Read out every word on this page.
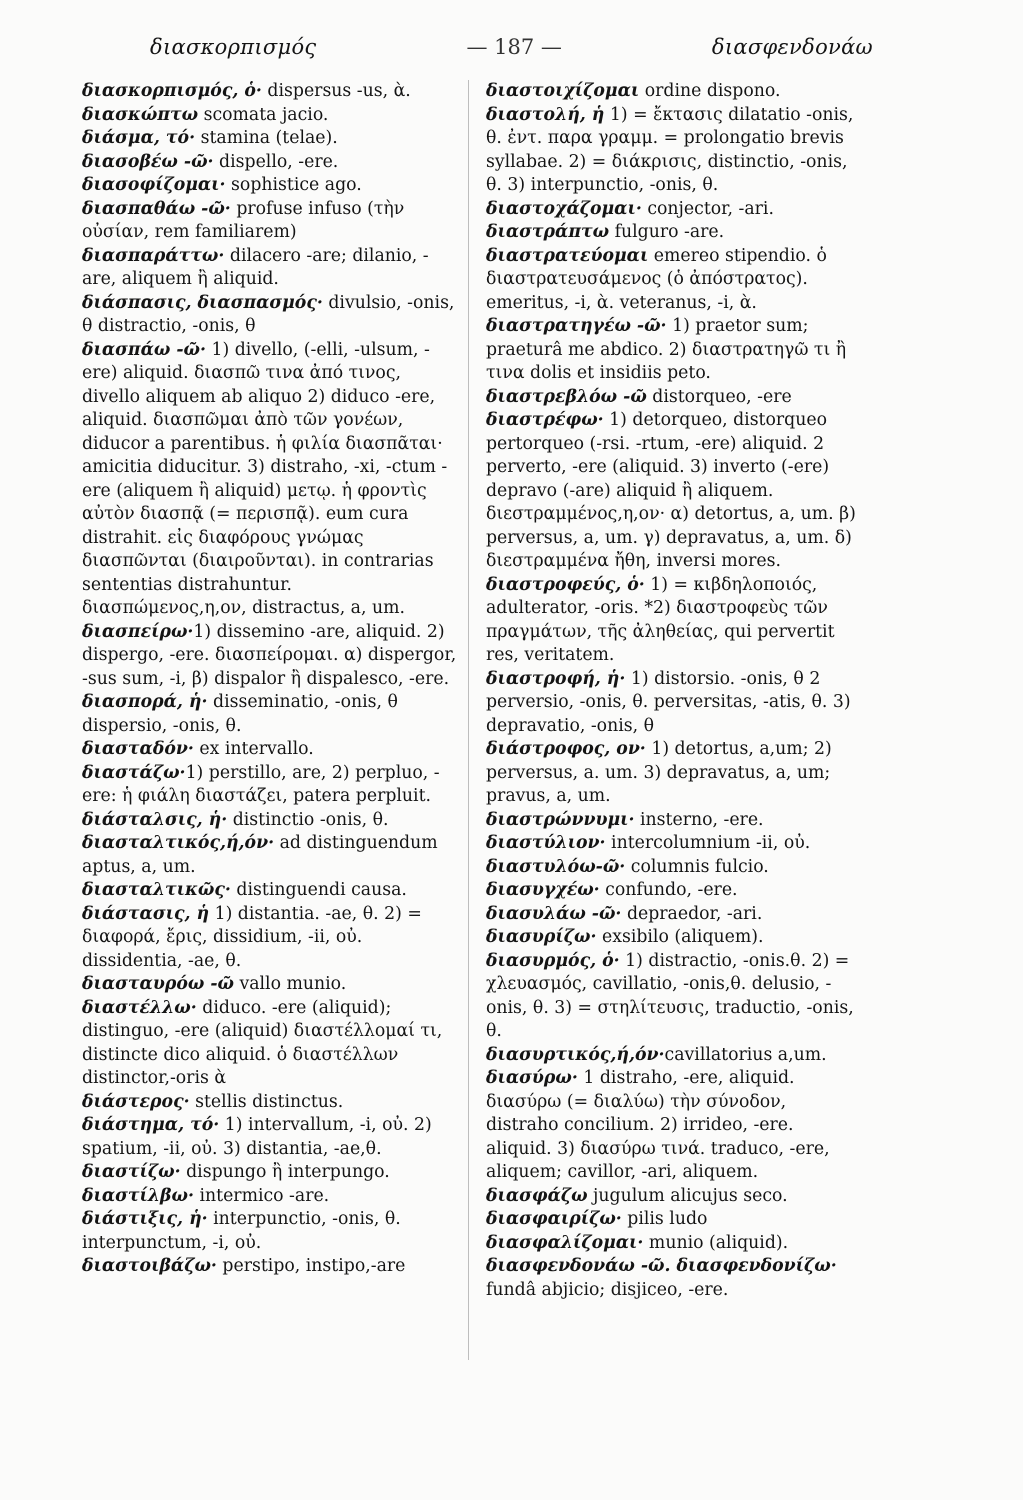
διασκορπισμός	— 187 —	διασφενδονάω

διασκορπισμός, ὁ· dispersus -us, ὰ.

διασκώπτω scomata jacio.

διάσμα, τό· stamina (telae).

διασοβέω -ῶ· dispello, -ere.

διασοφίζομαι· sophistice ago.

διασπαθάω -ῶ· profuse infuso (τὴν οὐσίαν, rem familiarem)

διασπαράττω· dilacero -are; dilanio, -are, aliquem ἢ aliquid.

διάσπασις, διασπασμός· divulsio, -onis, θ distractio, -onis, θ

διασπάω -ῶ· 1) divello, (-elli, -ulsum, -ere) aliquid. διασπῶ τινα ἀπό τινος, divello aliquem ab aliquo 2) diduco -ere, aliquid. διασπῶμαι ἀπὸ τῶν γονέων, diducor a parentibus. ἡ φιλία διασπᾶται· amicitia diducitur. 3) distraho, -xi, -ctum -ere (aliquem ἢ aliquid) μετῳ. ἡ φροντὶς αὐτὸν διασπᾷ (= περισπᾷ). eum cura distrahit. εἰς διαφόρους γνώμας διασπῶνται (διαιροῦνται). in contrarias sententias distrahuntur. διασπώμενος,η,ον, distractus, a, um.

διασπείρω·1) dissemino -are, aliquid. 2) dispergo, -ere. διασπείρομαι. α) dispergor, -sus sum, -i, β) dispalor ἢ dispalesco, -ere.

διασπορά, ἡ· disseminatio, -onis, θ dispersio, -onis, θ.

διασταδόν· ex intervallo.

διαστάζω·1) perstillo, are, 2) perpluo, -ere: ἡ φιάλη διαστάζει, patera perpluit.

διάσταλσις, ἡ· distinctio -onis, θ.

διασταλτικός,ή,όν· ad distinguendum aptus, a, um.

διασταλτικῶς· distinguendi causa.

διάστασις, ἡ 1) distantia. -ae, θ. 2) = διαφορά, ἔρις, dissidium, -ii, οὐ. dissidentia, -ae, θ.

διασταυρόω -ῶ vallo munio.

διαστέλλω· diduco. -ere (aliquid); distinguo, -ere (aliquid) διαστέλλομαί τι, distincte dico aliquid. ὁ διαστέλλων distinctor,-oris ὰ

διάστερος· stellis distinctus.

διάστημα, τό· 1) intervallum, -i, οὐ. 2) spatium, -ii, οὐ. 3) distantia, -ae,θ.

διαστίζω· dispungo ἢ interpungo.

διαστίλβω· intermico -are.

διάστιξις, ἡ· interpunctio, -onis, θ. interpunctum, -i, οὐ.

διαστοιβάζω· perstipo, instipo,-are

διαστοιχίζομαι ordine dispono.

διαστολή, ἡ 1) = ἔκτασις dilatatio -onis, θ. ἐντ. παρα γραμμ. = prolongatio brevis syllabae. 2) = διάκρισις, distinctio, -onis, θ. 3) interpunctio, -onis, θ.

διαστοχάζομαι· conjector, -ari.

διαστράπτω fulguro -are.

διαστρατεύομαι emereo stipendio. ὁ διαστρατευσάμενος (ὁ ἀπόστρατος). emeritus, -i, ὰ. veteranus, -i, ὰ.

διαστρατηγέω -ῶ· 1) praetor sum; praeturâ me abdico. 2) διαστρατηγῶ τι ἢ τινα dolis et insidiis peto.

διαστρεβλόω -ῶ distorqueo, -ere

διαστρέφω· 1) detorqueo, distorqueo pertorqueo (-rsi. -rtum, -ere) aliquid. 2 perverto, -ere (aliquid. 3) inverto (-ere) depravo (-are) aliquid ἢ aliquem. διεστραμμένος,η,ον· α) detortus, a, um. β) perversus, a, um. γ) depravatus, a, um. δ) διεστραμμένα ἤθη, inversi mores.

διαστροφεύς, ὁ· 1) = κιβδηλοποιός, adulterator, -oris. *2) διαστροφεὺς τῶν πραγμάτων, τῆς ἀληθείας, qui pervertit res, veritatem.

διαστροφή, ἡ· 1) distorsio. -onis, θ 2 perversio, -onis, θ. perversitas, -atis, θ. 3) depravatio, -onis, θ

διάστροφος, ον· 1) detortus, a,um; 2) perversus, a. um. 3) depravatus, a, um; pravus, a, um.

διαστρώννυμι· insterno, -ere.

διαστύλιον· intercolumnium -ii, οὐ.

διαστυλόω-ῶ· columnis fulcio.

διασυγχέω· confundo, -ere.

διασυλάω -ῶ· depraedor, -ari.

διασυρίζω· exsibilo (aliquem).

διασυρμός, ὁ· 1) distractio, -onis.θ. 2) = χλευασμός, cavillatio, -onis,θ. delusio, -onis, θ. 3) = στηλίτευσις, traductio, -onis, θ.

διασυρτικός,ή,όν·cavillatorius a,um.

διασύρω· 1 distraho, -ere, aliquid. διασύρω (= διαλύω) τὴν σύνοδον, distraho concilium. 2) irrideo, -ere. aliquid. 3) διασύρω τινά. traduco, -ere, aliquem; cavillor, -ari, aliquem.

διασφάζω jugulum alicujus seco.

διασφαιρίζω· pilis ludo

διασφαλίζομαι· munio (aliquid).

διασφενδονάω -ῶ. διασφενδονίζω· fundâ abjicio; disjiceo, -ere.
